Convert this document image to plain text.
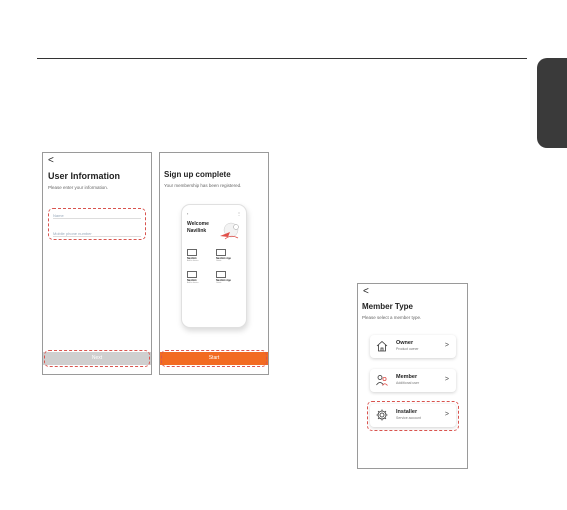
<
User Information
Please enter your information.
Name
Mobile phone number
Next
Sign up complete
Your membership has been registered.
‹	⋮
Welcome
Navilink
Navilink
Add a device
Navilink App
Guide
Navilink
Add a device
Navilink App
Guide
Start
<
Member Type
Please select a member type.
Owner
Product owner	>
Member
Additional user	>
Installer
Service account	>
